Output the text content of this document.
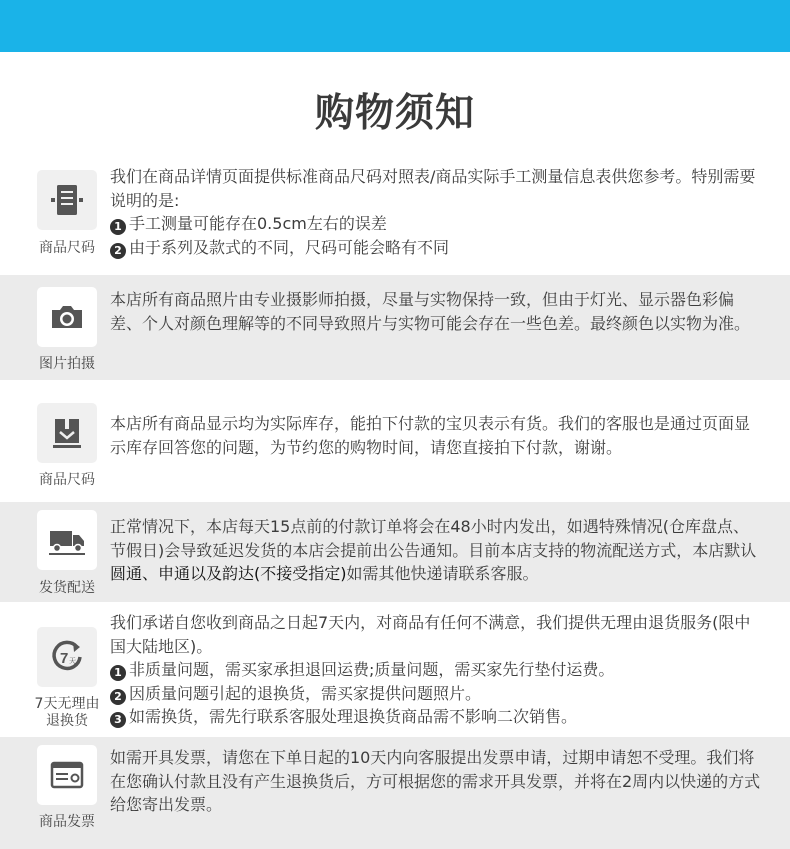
购物须知
商品尺码

我们在商品详情页面提供标准商品尺码对照表/商品实际手工测量信息表供您参考。特别需要说明的是:

1 手工测量可能存在0.5cm左右的误差

2 由于系列及款式的不同，尺码可能会略有不同

图片拍摄

本店所有商品照片由专业摄影师拍摄，尽量与实物保持一致，但由于灯光、显示器色彩偏差、个人对颜色理解等的不同导致照片与实物可能会存在一些色差。最终颜色以实物为准。

商品尺码

本店所有商品显示均为实际库存，能拍下付款的宝贝表示有货。我们的客服也是通过页面显示库存回答您的问题，为节约您的购物时间，请您直接拍下付款，谢谢。

发货配送

正常情况下，本店每天15点前的付款订单将会在48小时内发出，如遇特殊情况(仓库盘点、节假日)会导致延迟发货的本店会提前出公告通知。目前本店支持的物流配送方式，本店默认圆通、申通以及韵达(不接受指定)如需其他快递请联系客服。

7 天
7天无理由
退换货

我们承诺自您收到商品之日起7天内，对商品有任何不满意，我们提供无理由退货服务(限中国大陆地区)。

1 非质量问题，需买家承担退回运费;质量问题，需买家先行垫付运费。

2 因质量问题引起的退换货，需买家提供问题照片。

3 如需换货，需先行联系客服处理退换货商品需不影响二次销售。

商品发票

如需开具发票，请您在下单日起的10天内向客服提出发票申请，过期申请恕不受理。我们将在您确认付款且没有产生退换货后，方可根据您的需求开具发票，并将在2周内以快递的方式给您寄出发票。
